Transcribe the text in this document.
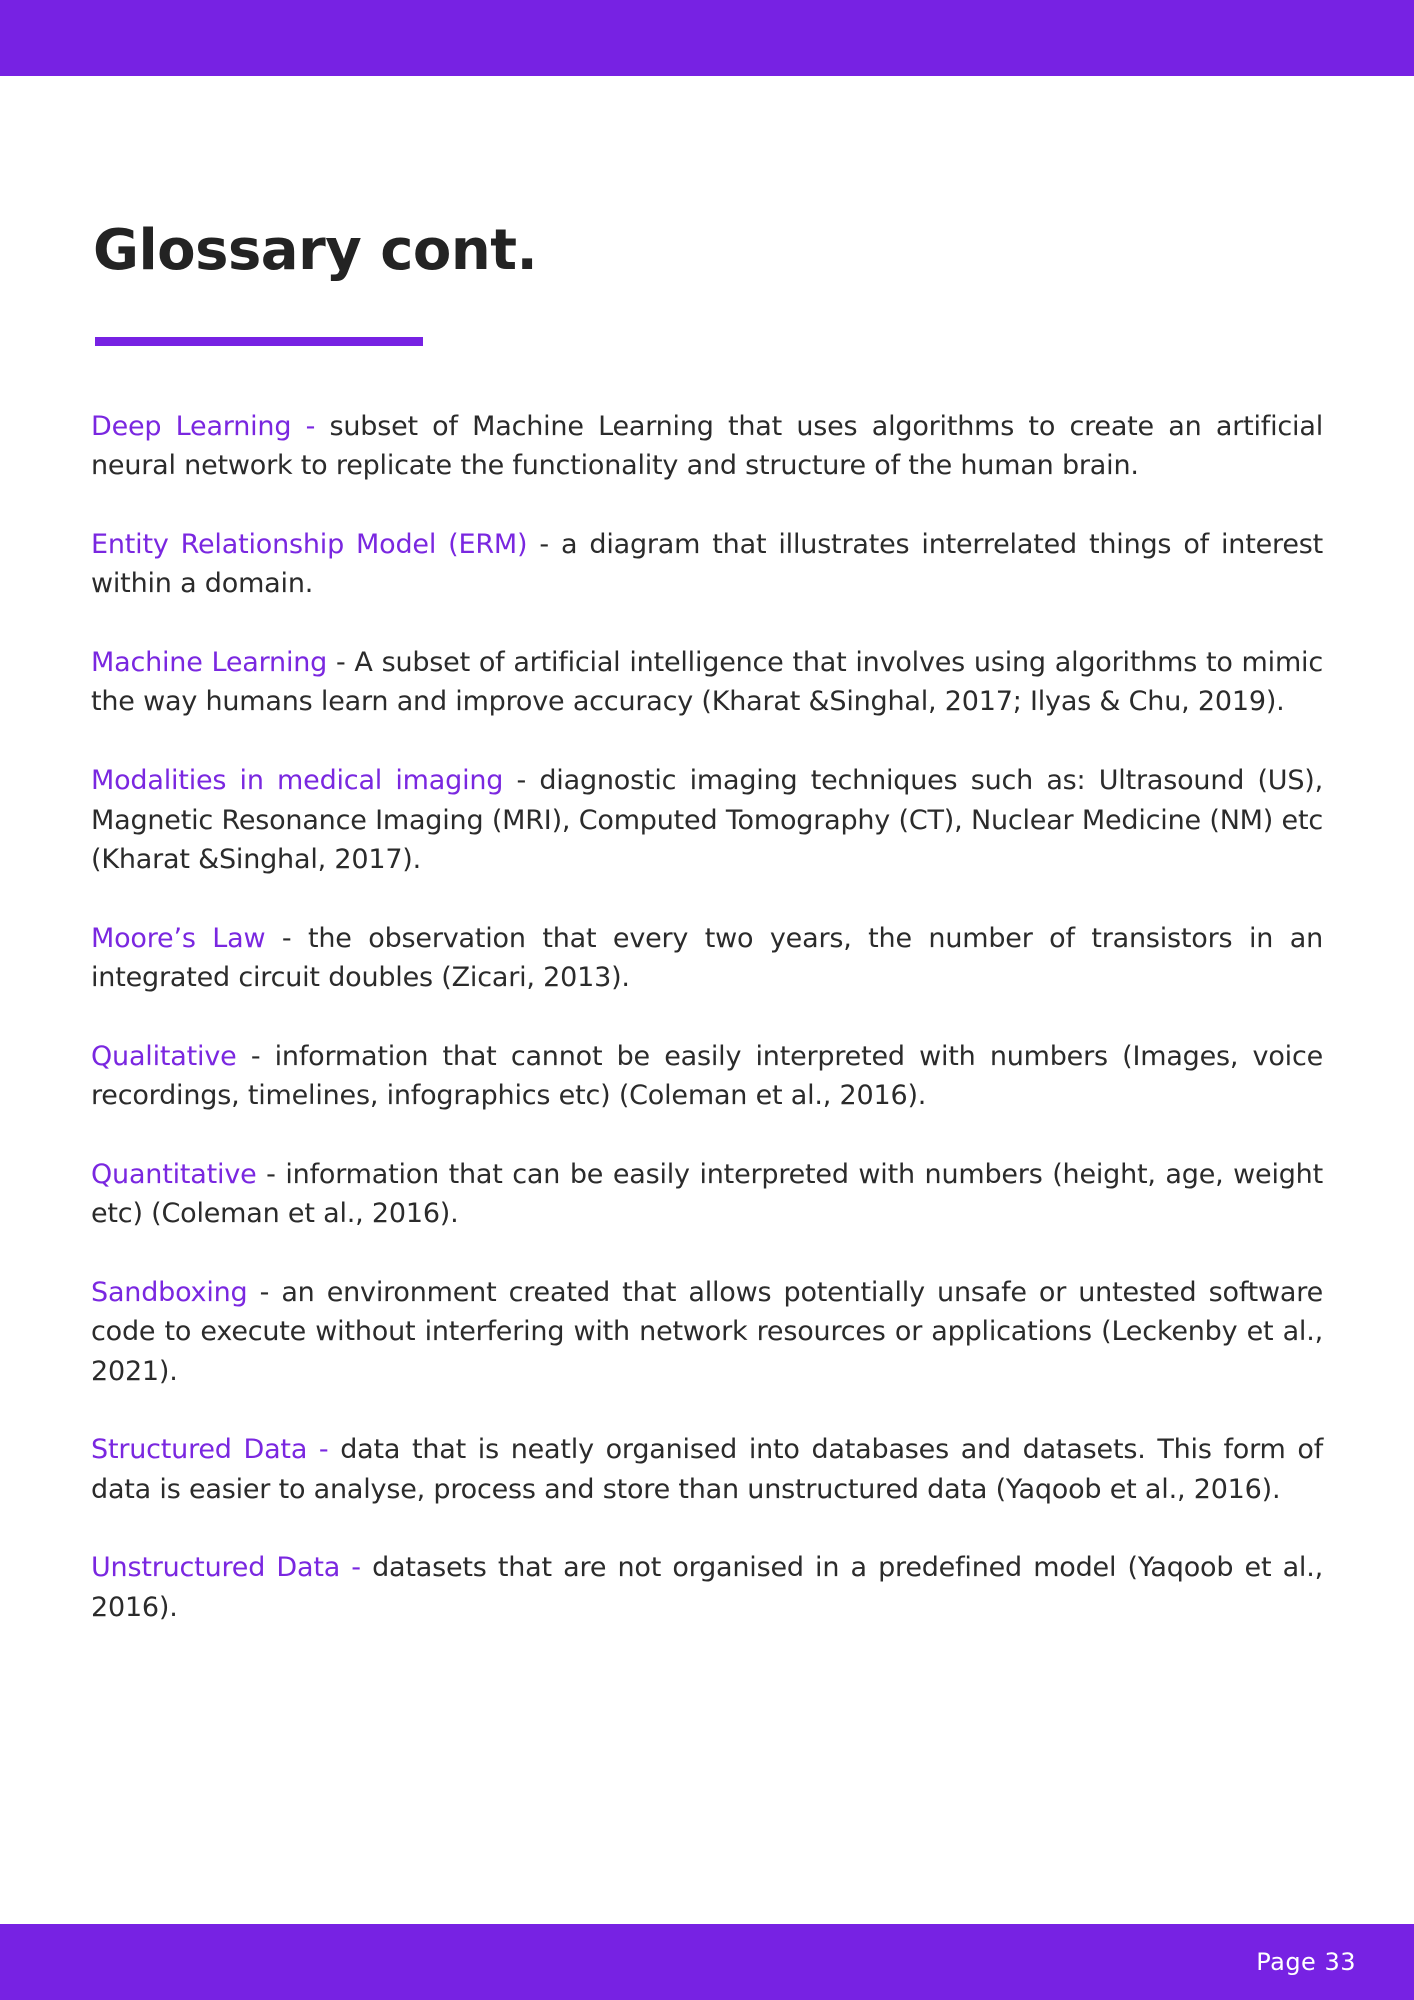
Glossary cont.
Deep Learning - subset of Machine Learning that uses algorithms to create an artificial neural network to replicate the functionality and structure of the human brain.
Entity Relationship Model (ERM) - a diagram that illustrates interrelated things of interest within a domain.
Machine Learning - A subset of artificial intelligence that involves using algorithms to mimic the way humans learn and improve accuracy (Kharat &Singhal, 2017; Ilyas & Chu, 2019).
Modalities in medical imaging - diagnostic imaging techniques such as: Ultrasound (US), Magnetic Resonance Imaging (MRI), Computed Tomography (CT), Nuclear Medicine (NM) etc (Kharat &Singhal, 2017).
Moore’s Law - the observation that every two years, the number of transistors in an integrated circuit doubles (Zicari, 2013).
Qualitative - information that cannot be easily interpreted with numbers (Images, voice recordings, timelines, infographics etc) (Coleman et al., 2016).
Quantitative - information that can be easily interpreted with numbers (height, age, weight etc) (Coleman et al., 2016).
Sandboxing - an environment created that allows potentially unsafe or untested software code to execute without interfering with network resources or applications (Leckenby et al., 2021).
Structured Data - data that is neatly organised into databases and datasets. This form of data is easier to analyse, process and store than unstructured data (Yaqoob et al., 2016).
Unstructured Data - datasets that are not organised in a predefined model (Yaqoob et al., 2016).
Page 33
